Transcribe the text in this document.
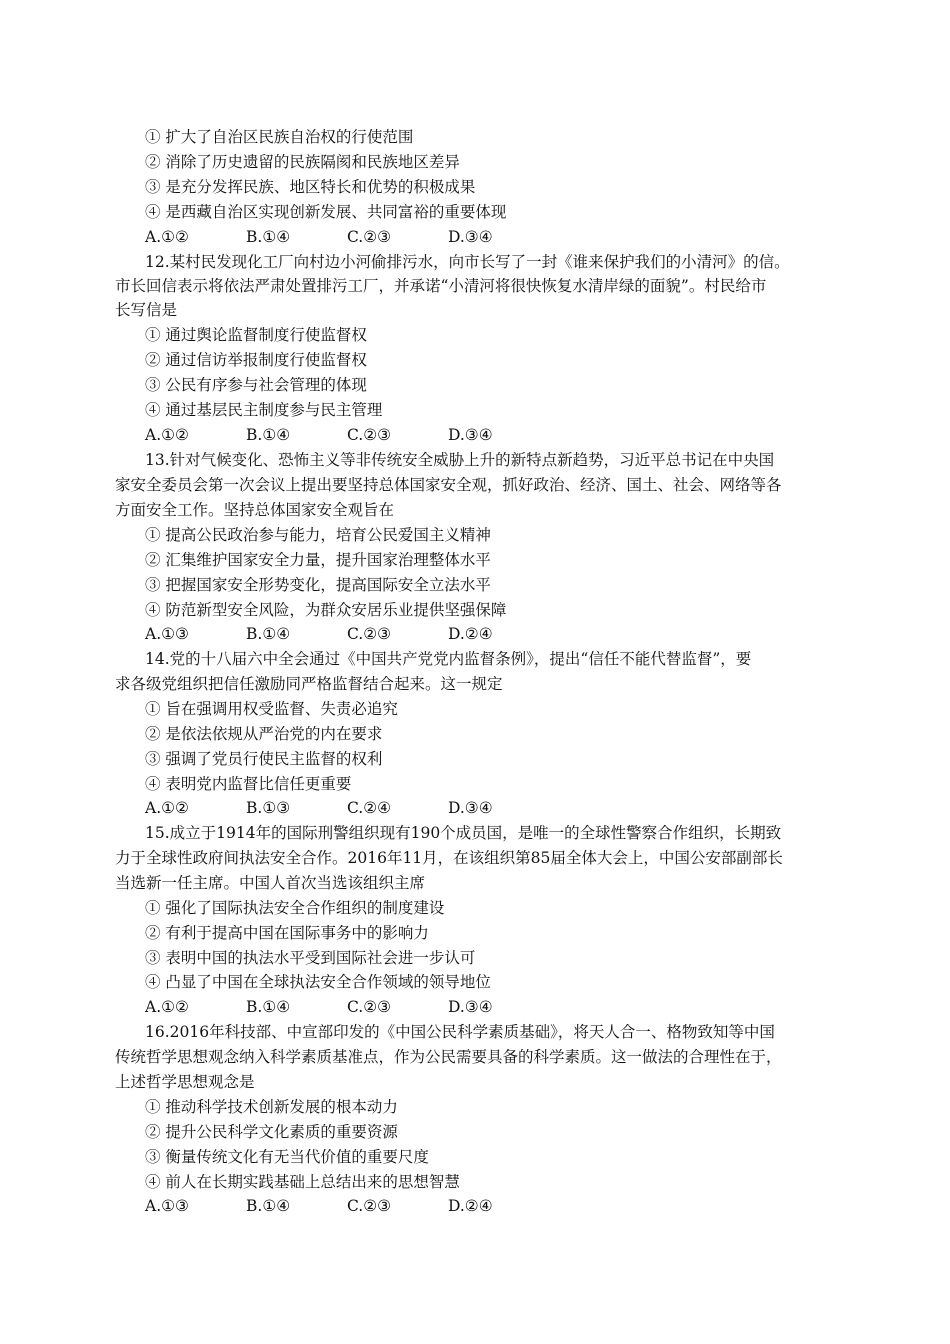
① 扩大了自治区民族自治权的行使范围
② 消除了历史遗留的民族隔阂和民族地区差异
③ 是充分发挥民族、地区特长和优势的积极成果
④ 是西藏自治区实现创新发展、共同富裕的重要体现
A.①②	B.①④	C.②③	D.③④
12.某村民发现化工厂向村边小河偷排污水，向市长写了一封《谁来保护我们的小清河》的信。
市长回信表示将依法严肃处置排污工厂，并承诺“小清河将很快恢复水清岸绿的面貌”。村民给市
长写信是
① 通过舆论监督制度行使监督权
② 通过信访举报制度行使监督权
③ 公民有序参与社会管理的体现
④ 通过基层民主制度参与民主管理
A.①②	B.①④	C.②③	D.③④
13.针对气候变化、恐怖主义等非传统安全威胁上升的新特点新趋势，习近平总书记在中央国
家安全委员会第一次会议上提出要坚持总体国家安全观，抓好政治、经济、国土、社会、网络等各
方面安全工作。坚持总体国家安全观旨在
① 提高公民政治参与能力，培育公民爱国主义精神
② 汇集维护国家安全力量，提升国家治理整体水平
③ 把握国家安全形势变化，提高国际安全立法水平
④ 防范新型安全风险，为群众安居乐业提供坚强保障
A.①③	B.①④	C.②③	D.②④
14.党的十八届六中全会通过《中国共产党党内监督条例》，提出“信任不能代替监督”，要
求各级党组织把信任激励同严格监督结合起来。这一规定
① 旨在强调用权受监督、失责必追究
② 是依法依规从严治党的内在要求
③ 强调了党员行使民主监督的权利
④ 表明党内监督比信任更重要
A.①②	B.①③	C.②④	D.③④
15.成立于1914年的国际刑警组织现有190个成员国，是唯一的全球性警察合作组织，长期致
力于全球性政府间执法安全合作。2016年11月，在该组织第85届全体大会上，中国公安部副部长
当选新一任主席。中国人首次当选该组织主席
① 强化了国际执法安全合作组织的制度建设
② 有利于提高中国在国际事务中的影响力
③ 表明中国的执法水平受到国际社会进一步认可
④ 凸显了中国在全球执法安全合作领域的领导地位
A.①②	B.①④	C.②③	D.③④
16.2016年科技部、中宣部印发的《中国公民科学素质基础》，将天人合一、格物致知等中国
传统哲学思想观念纳入科学素质基准点，作为公民需要具备的科学素质。这一做法的合理性在于，
上述哲学思想观念是
① 推动科学技术创新发展的根本动力
② 提升公民科学文化素质的重要资源
③ 衡量传统文化有无当代价值的重要尺度
④ 前人在长期实践基础上总结出来的思想智慧
A.①③	B.①④	C.②③	D.②④
